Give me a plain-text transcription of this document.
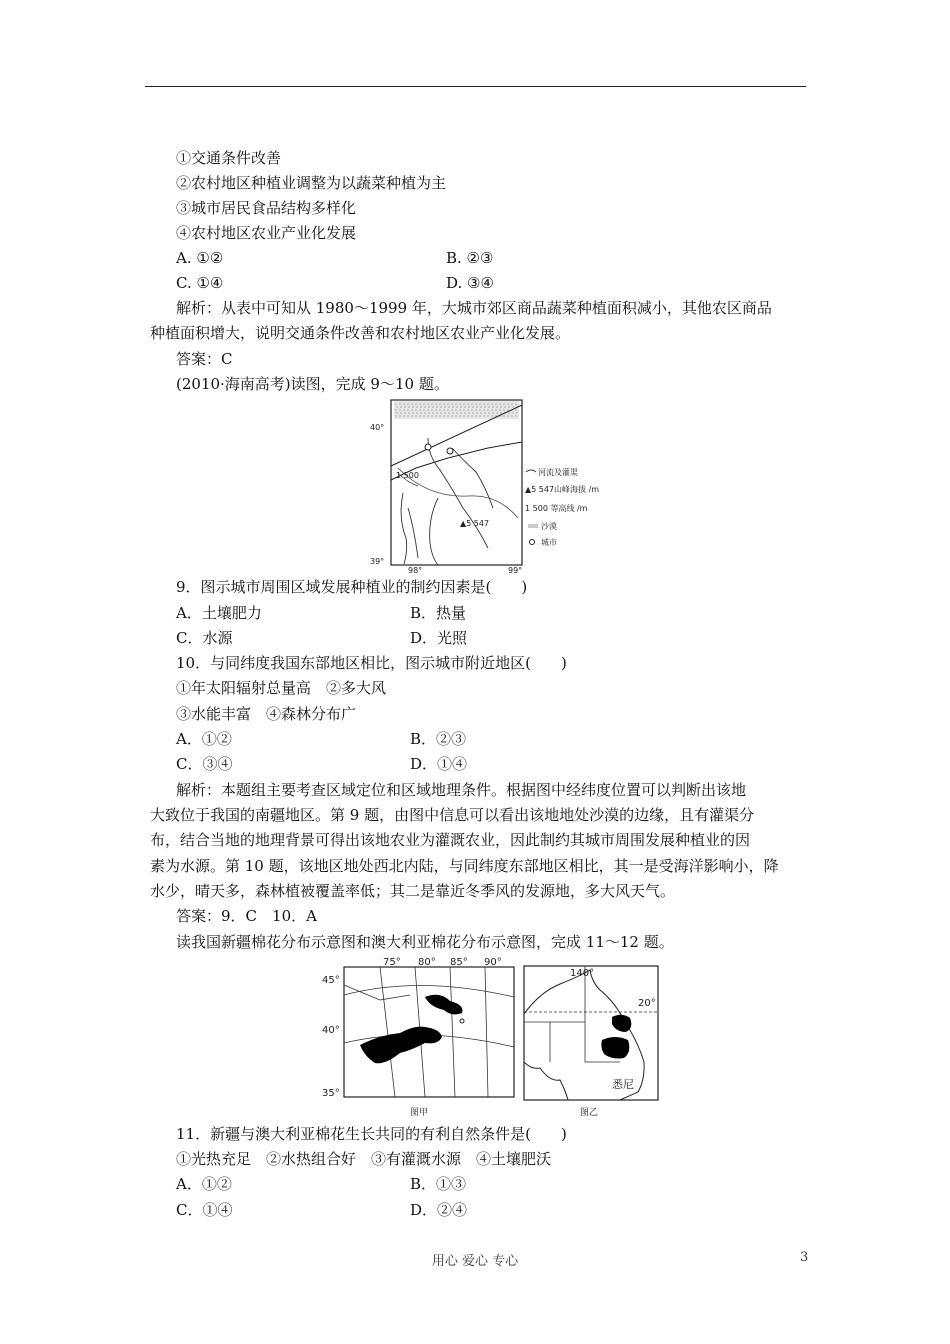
①交通条件改善
②农村地区种植业调整为以蔬菜种植为主
③城市居民食品结构多样化
④农村地区农业产业化发展
A. ①②	B. ②③
C. ①④	D. ③④
解析：从表中可知从 1980～1999 年，大城市郊区商品蔬菜种植面积减小，其他农区商品
种植面积增大，说明交通条件改善和农村地区农业产业化发展。
答案：C
(2010·海南高考)读图，完成 9～10 题。
40°
39°
98°	99°
1 500
▲5 547
河流及灌渠
▲5 547山峰海拔 /m
1 500 等高线 /m
沙漠
城市
9．图示城市周围区域发展种植业的制约因素是(　　)
A．土壤肥力	B．热量
C．水源	D．光照
10．与同纬度我国东部地区相比，图示城市附近地区(　　)
①年太阳辐射总量高　②多大风
③水能丰富　④森林分布广
A．①②	B．②③
C．③④	D．①④
解析：本题组主要考查区域定位和区域地理条件。根据图中经纬度位置可以判断出该地
大致位于我国的南疆地区。第 9 题，由图中信息可以看出该地地处沙漠的边缘，且有灌渠分
布，结合当地的地理背景可得出该地农业为灌溉农业，因此制约其城市周围发展种植业的因
素为水源。第 10 题，该地区地处西北内陆，与同纬度东部地区相比，其一是受海洋影响小，降
水少，晴天多，森林植被覆盖率低；其二是靠近冬季风的发源地，多大风天气。
答案：9．C　10．A
读我国新疆棉花分布示意图和澳大利亚棉花分布示意图，完成 11～12 题。
75° 80° 85° 90°
45°
40°
35°
图甲
140°
20°
悉尼
图乙
11．新疆与澳大利亚棉花生长共同的有利自然条件是(　　)
①光热充足　②水热组合好　③有灌溉水源　④土壤肥沃
A．①②	B．①③
C．①④	D．②④
用心 爱心 专心	3
